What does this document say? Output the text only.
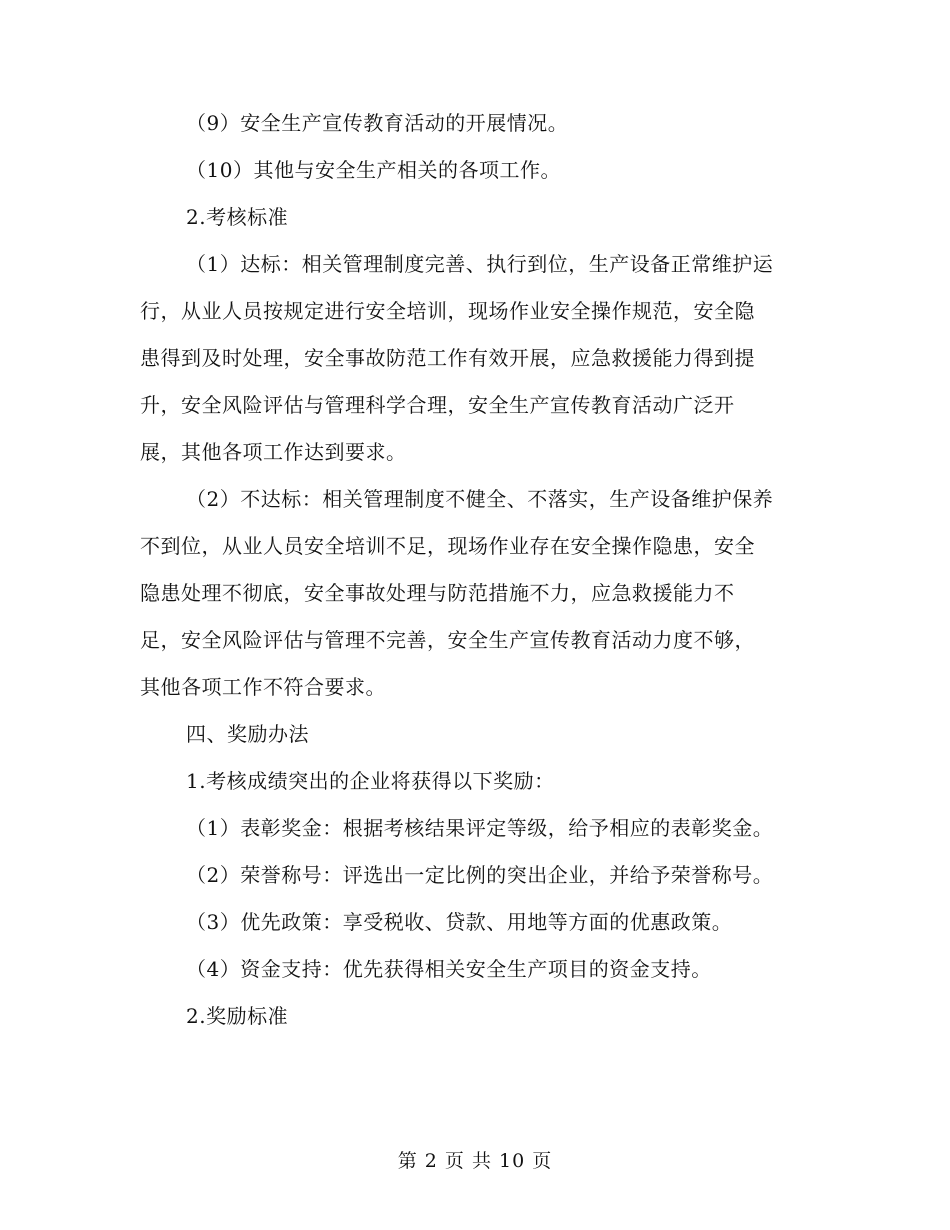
（9）安全生产宣传教育活动的开展情况。
（10）其他与安全生产相关的各项工作。
2.考核标准
（1）达标：相关管理制度完善、执行到位，生产设备正常维护运
行，从业人员按规定进行安全培训，现场作业安全操作规范，安全隐
患得到及时处理，安全事故防范工作有效开展，应急救援能力得到提
升，安全风险评估与管理科学合理，安全生产宣传教育活动广泛开
展，其他各项工作达到要求。
（2）不达标：相关管理制度不健全、不落实，生产设备维护保养
不到位，从业人员安全培训不足，现场作业存在安全操作隐患，安全
隐患处理不彻底，安全事故处理与防范措施不力，应急救援能力不
足，安全风险评估与管理不完善，安全生产宣传教育活动力度不够，
其他各项工作不符合要求。
四、奖励办法
1.考核成绩突出的企业将获得以下奖励：
（1）表彰奖金：根据考核结果评定等级，给予相应的表彰奖金。
（2）荣誉称号：评选出一定比例的突出企业，并给予荣誉称号。
（3）优先政策：享受税收、贷款、用地等方面的优惠政策。
（4）资金支持：优先获得相关安全生产项目的资金支持。
2.奖励标准
第 2 页 共 10 页
